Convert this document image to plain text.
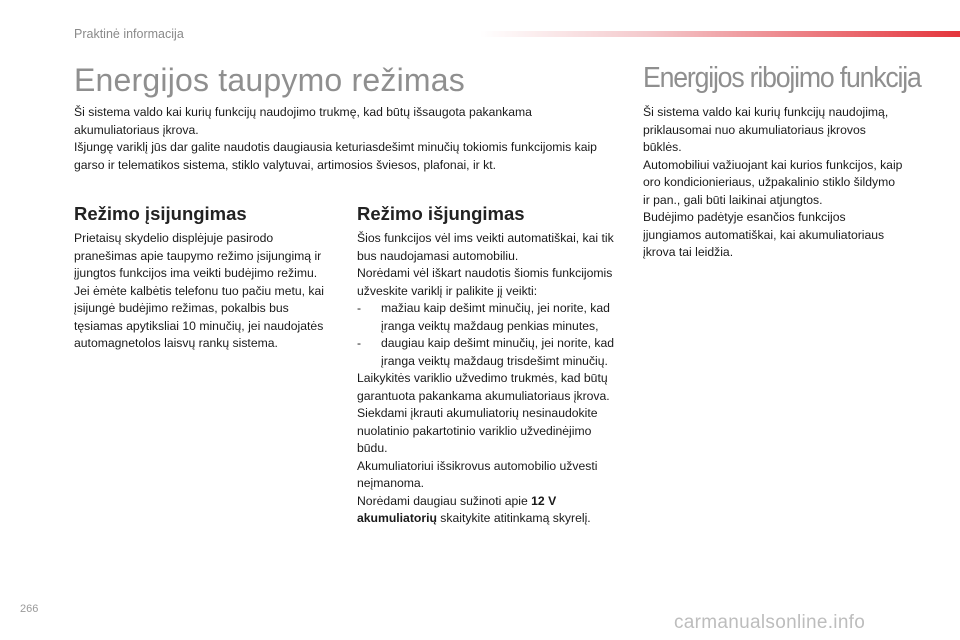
Praktinė informacija
Energijos taupymo režimas	Energijos ribojimo funkcija

Ši sistema valdo kai kurių funkcijų naudojimo trukmę, kad būtų išsaugota pakankama akumuliatoriaus įkrova.

Išjungę variklį jūs dar galite naudotis daugiausia keturiasdešimt minučių tokiomis funkcijomis kaip garso ir telematikos sistema, stiklo valytuvai, artimosios šviesos, plafonai, ir kt.

Režimo įsijungimas

Prietaisų skydelio displėjuje pasirodo pranešimas apie taupymo režimo įsijungimą ir įjungtos funkcijos ima veikti budėjimo režimu.

Jei ėmėte kalbėtis telefonu tuo pačiu metu, kai įsijungė budėjimo režimas, pokalbis bus tęsiamas apytiksliai 10 minučių, jei naudojatės automagnetolos laisvų rankų sistema.

Režimo išjungimas

Šios funkcijos vėl ims veikti automatiškai, kai tik bus naudojamasi automobiliu.

Norėdami vėl iškart naudotis šiomis funkcijomis užveskite variklį ir palikite jį veikti:

-	mažiau kaip dešimt minučių, jei norite, kad įranga veiktų maždaug penkias minutes,
-	daugiau kaip dešimt minučių, jei norite, kad įranga veiktų maždaug trisdešimt minučių.

Laikykitės variklio užvedimo trukmės, kad būtų garantuota pakankama akumuliatoriaus įkrova.

Siekdami įkrauti akumuliatorių nesinaudokite nuolatinio pakartotinio variklio užvedinėjimo būdu.

Akumuliatoriui išsikrovus automobilio užvesti neįmanoma.

Norėdami daugiau sužinoti apie 12 V akumuliatorių skaitykite atitinkamą skyrelį.

Ši sistema valdo kai kurių funkcijų naudojimą, priklausomai nuo akumuliatoriaus įkrovos būklės.

Automobiliui važiuojant kai kurios funkcijos, kaip oro kondicionieriaus, užpakalinio stiklo šildymo ir pan., gali būti laikinai atjungtos.

Budėjimo padėtyje esančios funkcijos įjungiamos automatiškai, kai akumuliatoriaus įkrova tai leidžia.

266
carmanualsonline.info
